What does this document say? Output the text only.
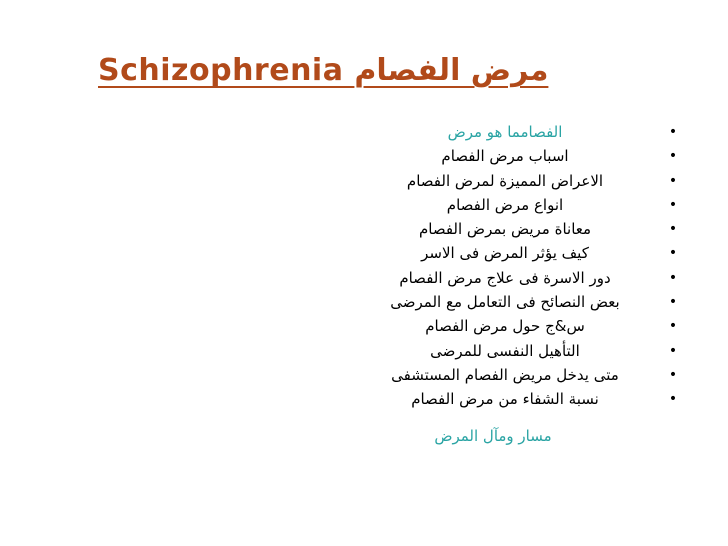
Schizophrenia مرض الفصام
•
الفصامما هو مرض
•
اسباب مرض الفصام
•
الاعراض المميزة لمرض الفصام
•
انواع مرض الفصام
•
معاناة مريض بمرض الفصام
•
كيف يؤثر المرض فى الاسر
•
دور الاسرة فى علاج مرض الفصام
•
بعض النصائح فى التعامل مع المرضى
•
س&ج حول مرض الفصام
•
التأهيل النفسى للمرضى
•
متى يدخل مريض الفصام المستشفى
•
نسبة الشفاء من مرض الفصام
مسار ومآل المرض
